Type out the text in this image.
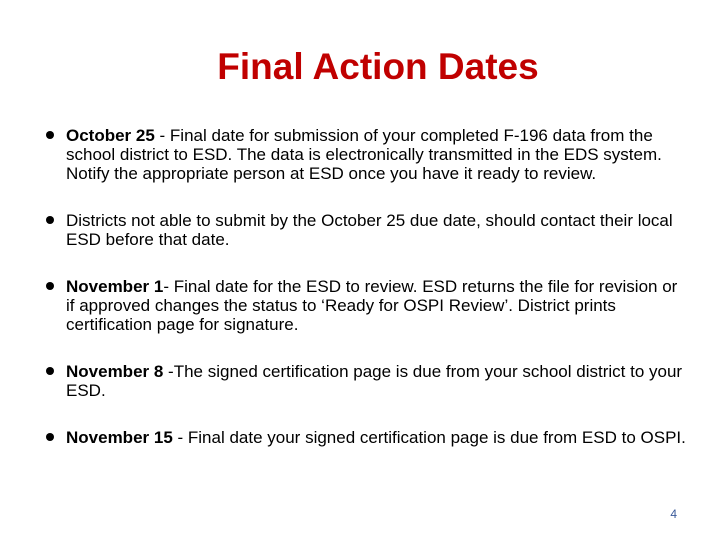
Final Action Dates
October 25 - Final date for submission of your completed F-196 data from the school district to ESD. The data is electronically transmitted in the EDS system. Notify the appropriate person at ESD once you have it ready to review.
Districts not able to submit by the October 25 due date, should contact their local ESD before that date.
November 1- Final date for the ESD to review. ESD returns the file for revision or if approved changes the status to ‘Ready for OSPI Review’. District prints certification page for signature.
November 8 -The signed certification page is due from your school district to your ESD.
November 15 - Final date your signed certification page is due from ESD to OSPI.
4
